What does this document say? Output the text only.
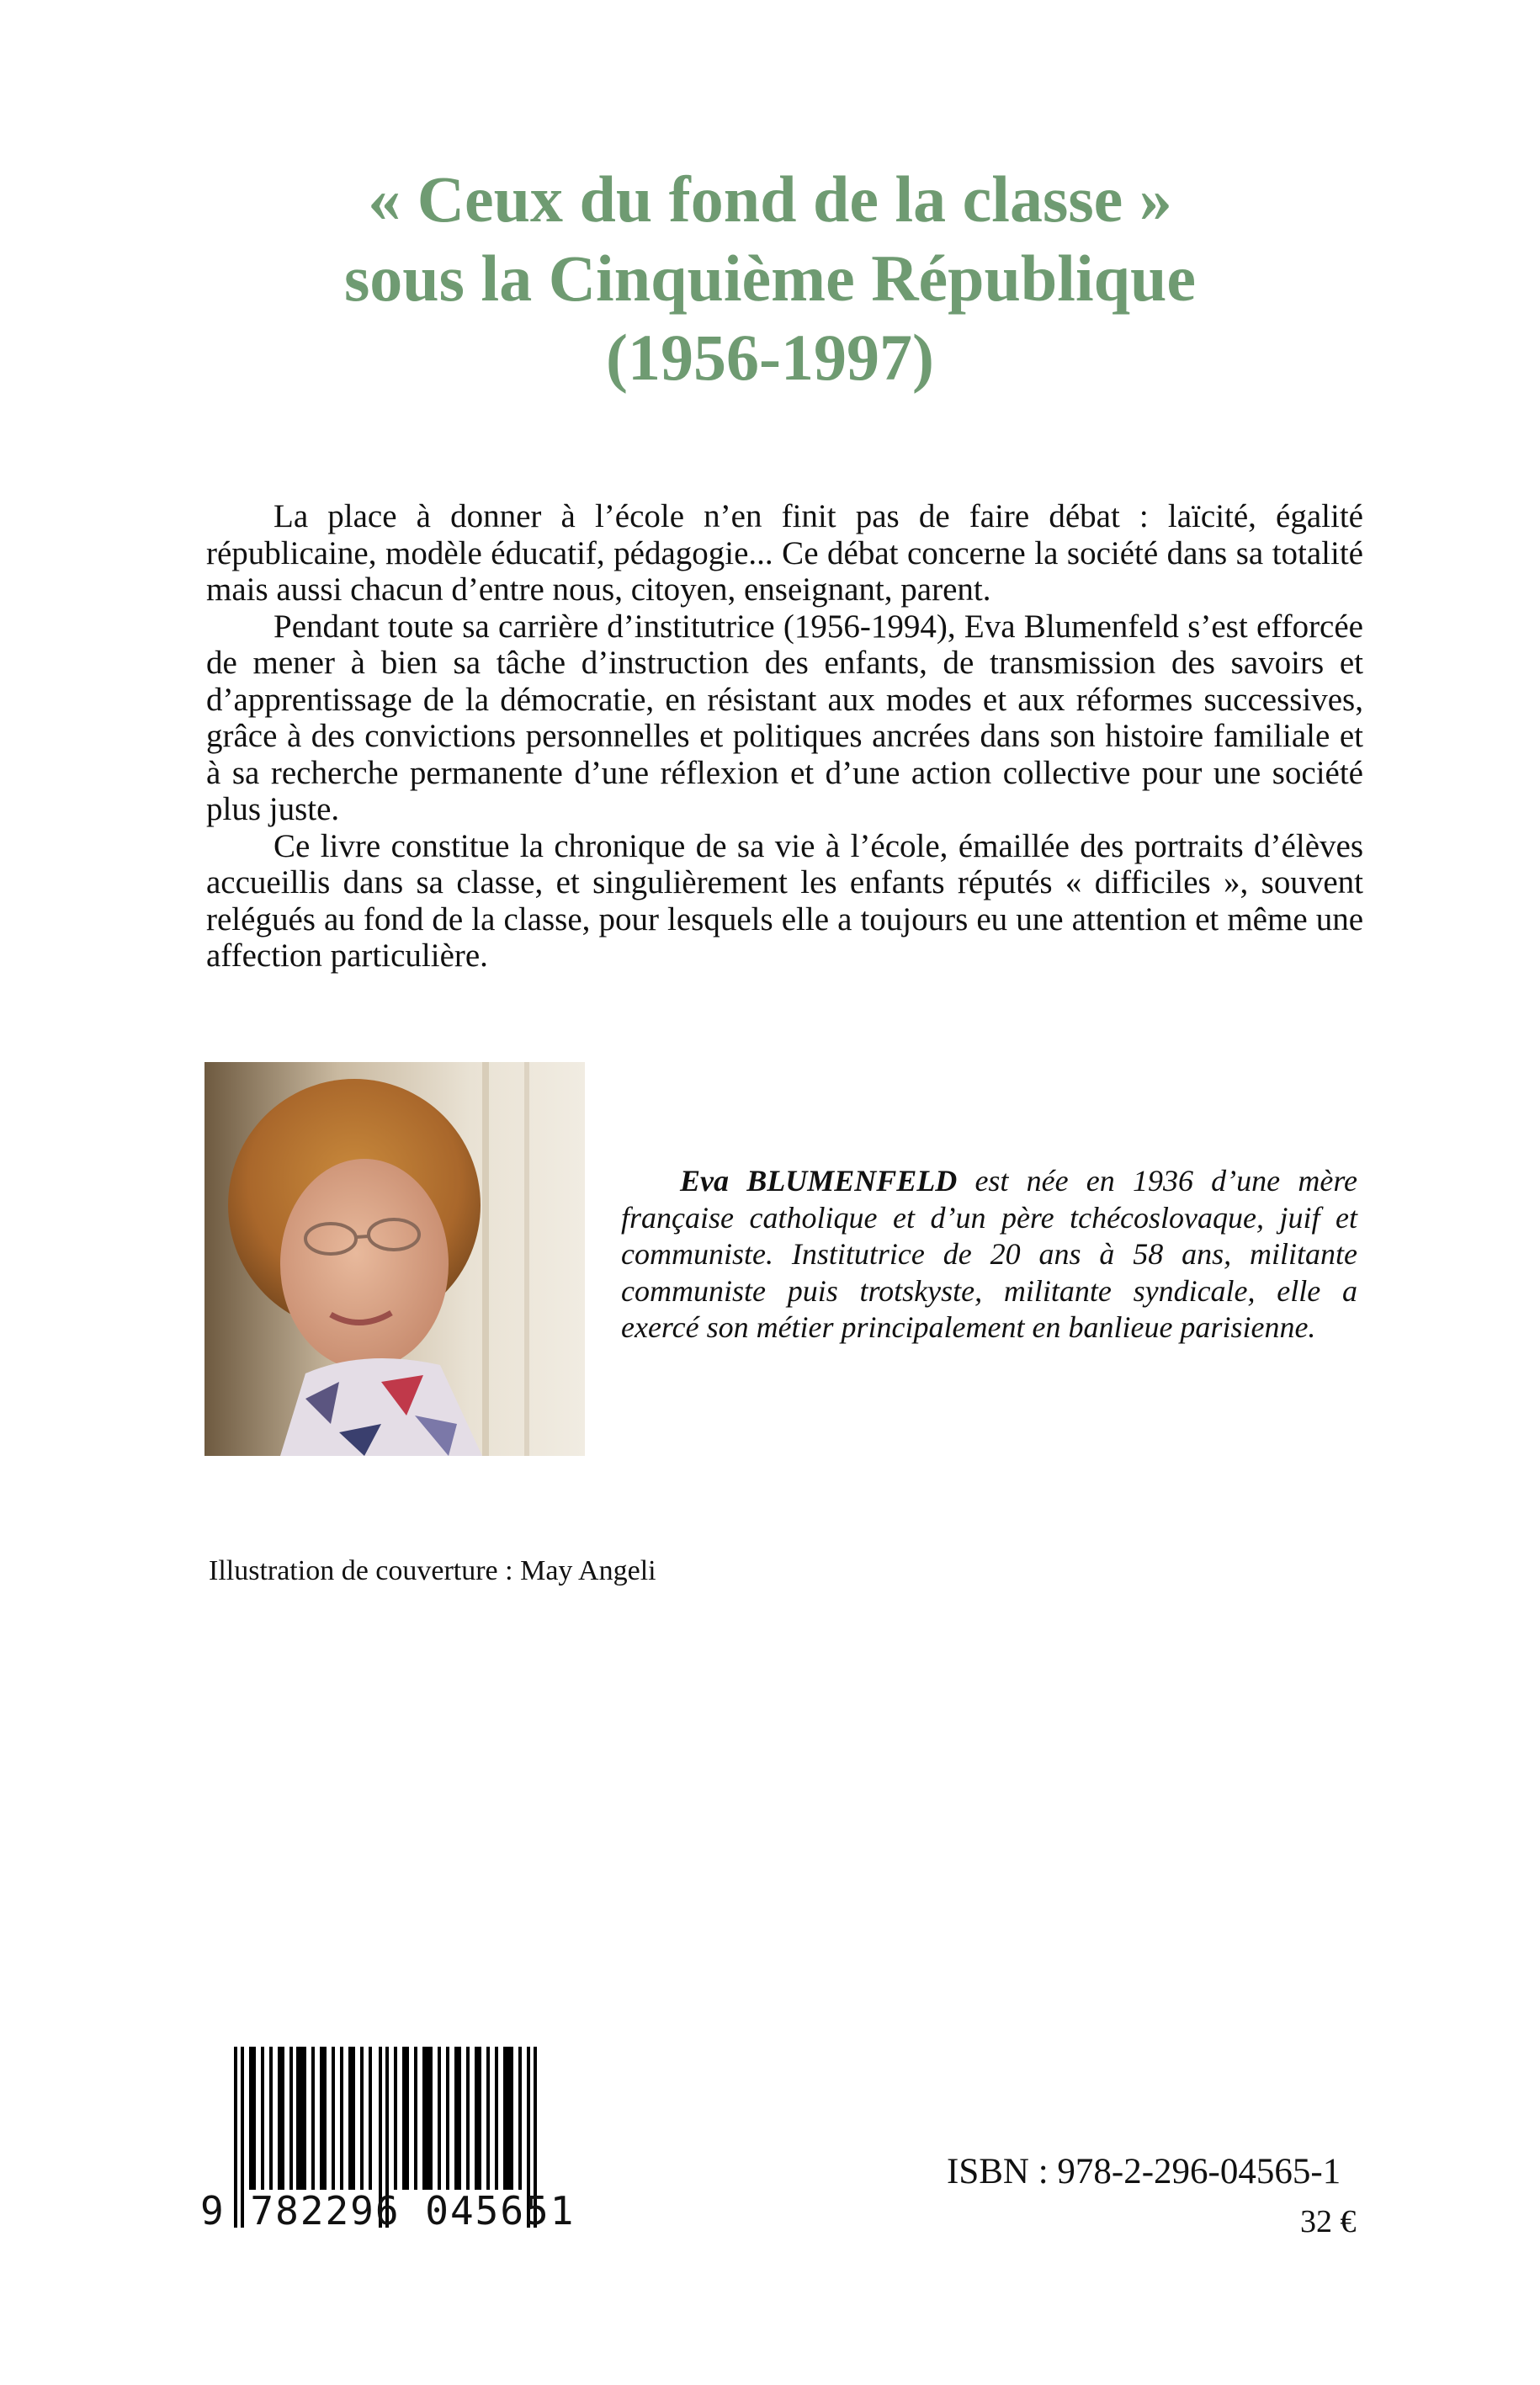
« Ceux du fond de la classe »
sous la Cinquième République
(1956-1997)

La place à donner à l’école n’en finit pas de faire débat : laïcité, égalité républicaine, modèle éducatif, pédagogie... Ce débat concerne la société dans sa totalité mais aussi chacun d’entre nous, citoyen, enseignant, parent.

Pendant toute sa carrière d’institutrice (1956-1994), Eva Blumenfeld s’est efforcée de mener à bien sa tâche d’instruction des enfants, de transmission des savoirs et d’apprentissage de la démocratie, en résistant aux modes et aux réformes successives, grâce à des convictions personnelles et politiques ancrées dans son histoire familiale et à sa recherche permanente d’une réflexion et d’une action collective pour une société plus juste.

Ce livre constitue la chronique de sa vie à l’école, émaillée des portraits d’élèves accueillis dans sa classe, et singulièrement les enfants réputés « difficiles », souvent relégués au fond de la classe, pour lesquels elle a toujours eu une attention et même une affection particulière.

Eva BLUMENFELD est née en 1936 d’une mère française catholique et d’un père tchécoslovaque, juif et communiste. Institutrice de 20 ans à 58 ans, militante communiste puis trotskyste, militante syndicale, elle a exercé son métier principalement en banlieue parisienne.

Illustration de couverture : May Angeli

9 782296 045651

ISBN : 978-2-296-04565-1

32 €
